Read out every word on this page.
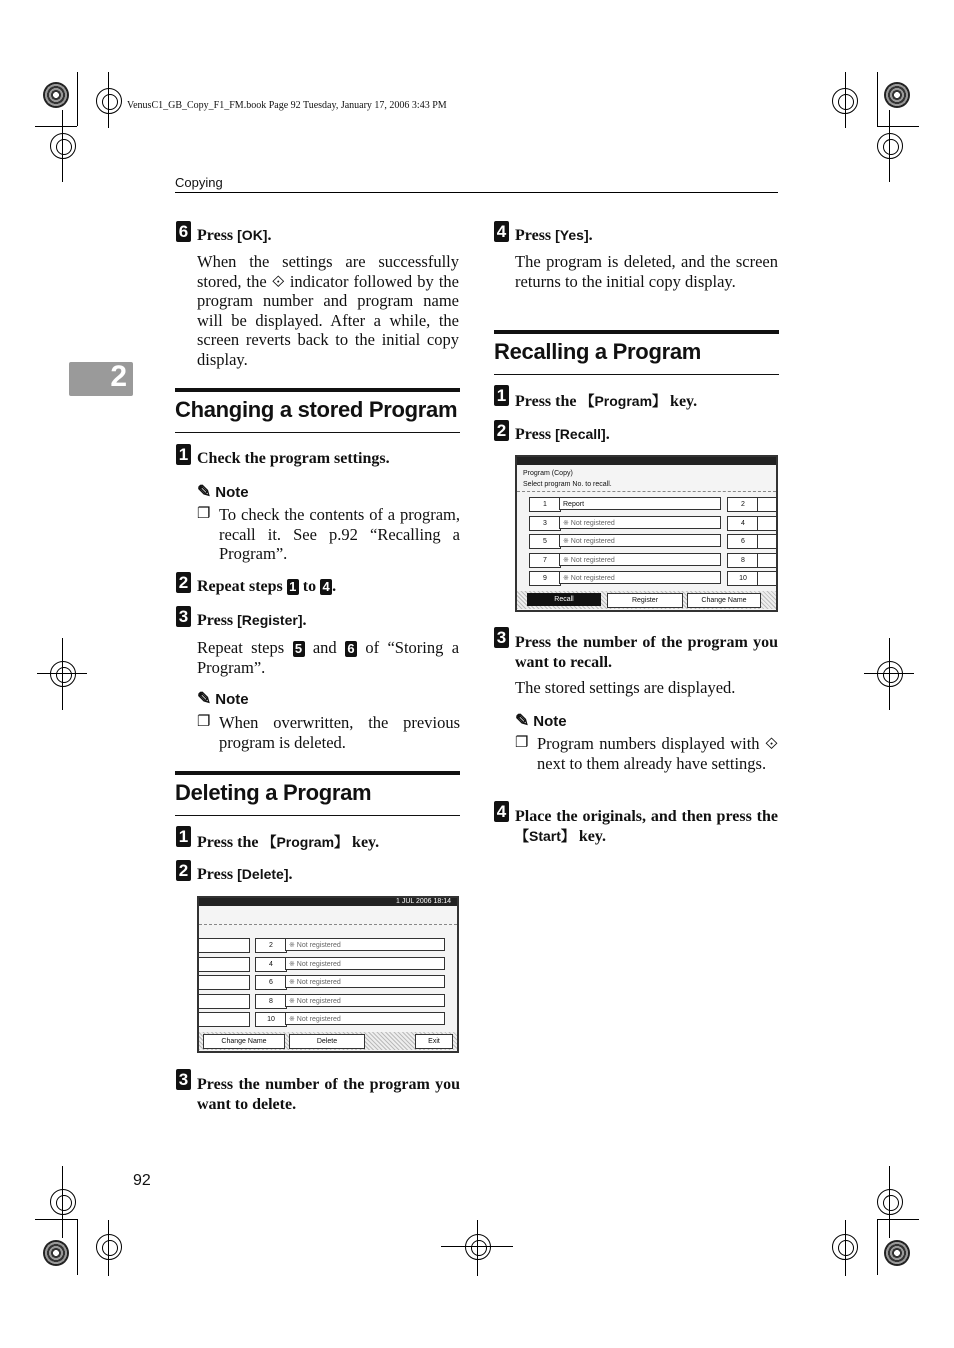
VenusC1_GB_Copy_F1_FM.book Page 92 Tuesday, January 17, 2006 3:43 PM
Copying
2
6 Press [OK].
When the settings are successfully stored, the ⟐ indicator followed by the program number and program name will be displayed. After a while, the screen reverts back to the initial copy display.
Changing a stored Program
1 Check the program settings.
✎ Note
❐ To check the contents of a program, recall it. See p.92 “Recalling a Program”.
2 Repeat steps 1 to 4 .
3 Press [Register].
Repeat steps 5 and 6 of “Storing a Program”.
✎ Note
❐ When overwritten, the previous program is deleted.
Deleting a Program
1 Press the 【Program】 key.
2 Press [Delete].
1 JUL 2006 18:14
2	※ Not registered
4	※ Not registered
6	※ Not registered
8	※ Not registered
10	※ Not registered
Change Name	Delete	Exit
3 Press the number of the program you want to delete.
92
4 Press [Yes].
The program is deleted, and the screen returns to the initial copy display.
Recalling a Program
1 Press the 【Program】 key.
2 Press [Recall].
Program (Copy)
Select program No. to recall.
1	Report	2
3	※ Not registered	4
5	※ Not registered	6
7	※ Not registered	8
9	※ Not registered	10
Recall	Register	Change Name
3 Press the number of the program you want to recall.
The stored settings are displayed.
✎ Note
❐ Program numbers displayed with ⟐ next to them already have settings.
4 Place the originals, and then press the 【Start】 key.
